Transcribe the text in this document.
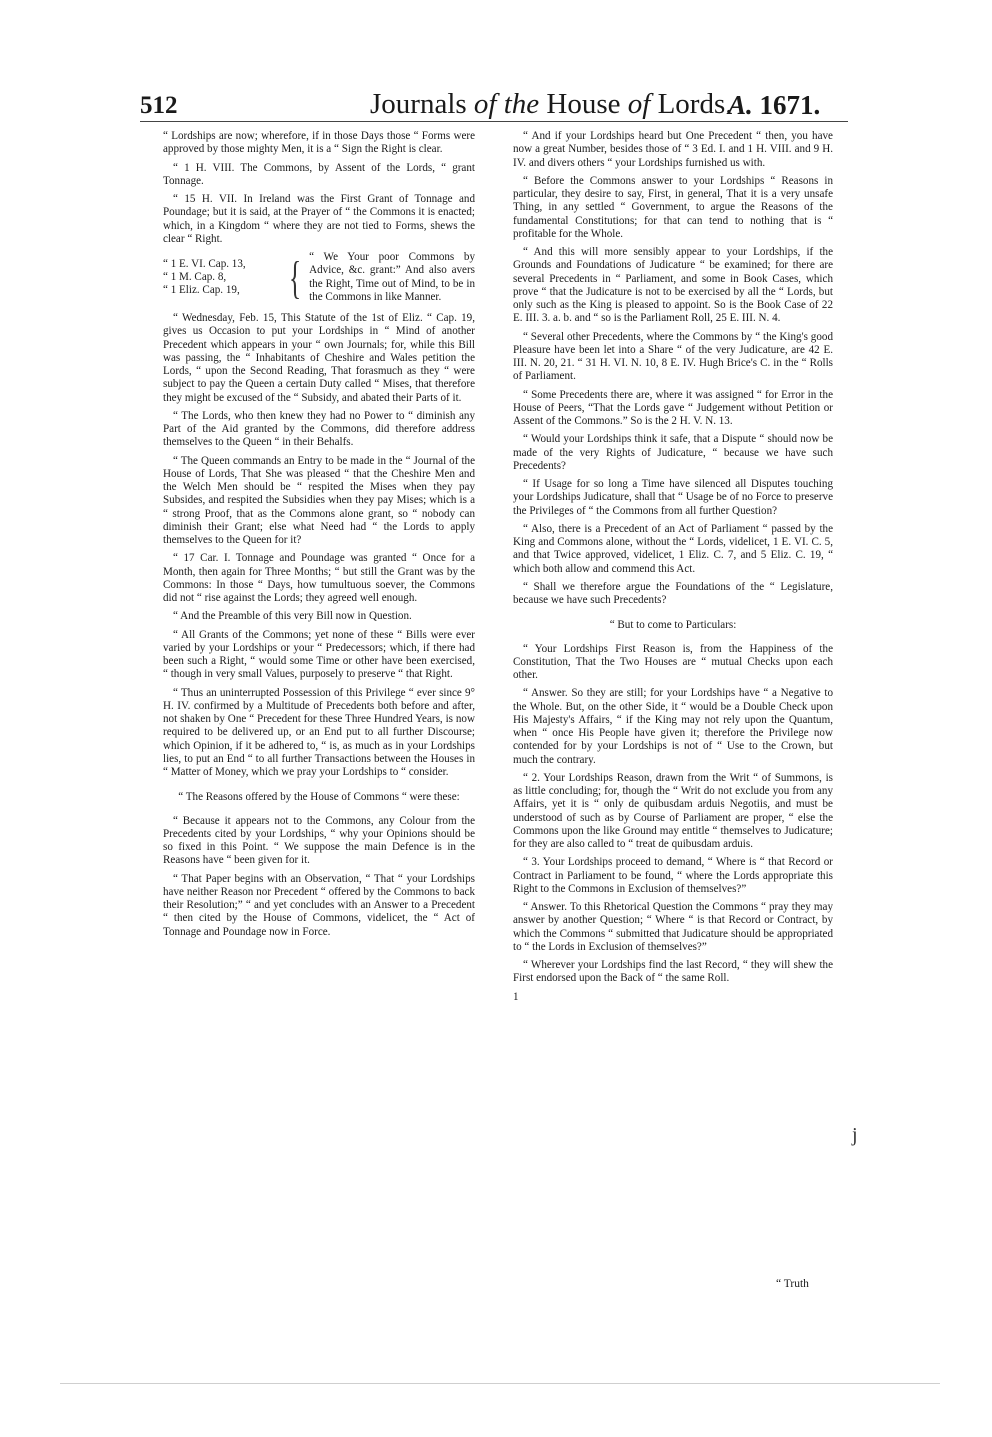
512	Journals of the House of Lords.
A. 1671.

“ Lordships are now; wherefore, if in those Days those “ Forms were approved by those mighty Men, it is a “ Sign the Right is clear.

“ 1 H. VIII. The Commons, by Assent of the Lords, “ grant Tonnage.

“ 15 H. VII. In Ireland was the First Grant of Tonnage and Poundage; but it is said, at the Prayer of “ the Commons it is enacted; which, in a Kingdom “ where they are not tied to Forms, shews the clear “ Right.

“ 1 E. VI. Cap. 13,
“ 1 M. Cap. 8,
“ 1 Eliz. Cap. 19,	{ “ We Your poor Commons by Advice, &c. grant:” And also avers the Right, Time out of Mind, to be in the Commons in like Manner.

“ Wednesday, Feb. 15, This Statute of the 1st of Eliz. “ Cap. 19, gives us Occasion to put your Lordships in “ Mind of another Precedent which appears in your “ own Journals; for, while this Bill was passing, the “ Inhabitants of Cheshire and Wales petition the Lords, “ upon the Second Reading, That forasmuch as they “ were subject to pay the Queen a certain Duty called “ Mises, that therefore they might be excused of the “ Subsidy, and abated their Parts of it.

“ The Lords, who then knew they had no Power to “ diminish any Part of the Aid granted by the Commons, did therefore address themselves to the Queen “ in their Behalfs.

“ The Queen commands an Entry to be made in the “ Journal of the House of Lords, That She was pleased “ that the Cheshire Men and the Welch Men should be “ respited the Mises when they pay Subsides, and respited the Subsidies when they pay Mises; which is a “ strong Proof, that as the Commons alone grant, so “ nobody can diminish their Grant; else what Need had “ the Lords to apply themselves to the Queen for it?

“ 17 Car. I. Tonnage and Poundage was granted “ Once for a Month, then again for Three Months; “ but still the Grant was by the Commons: In those “ Days, how tumultuous soever, the Commons did not “ rise against the Lords; they agreed well enough.

“ And the Preamble of this very Bill now in Question.

“ All Grants of the Commons; yet none of these “ Bills were ever varied by your Lordships or your “ Predecessors; which, if there had been such a Right, “ would some Time or other have been exercised, “ though in very small Values, purposely to preserve “ that Right.

“ Thus an uninterrupted Possession of this Privilege “ ever since 9° H. IV. confirmed by a Multitude of Precedents both before and after, not shaken by One “ Precedent for these Three Hundred Years, is now required to be delivered up, or an End put to all further Discourse; which Opinion, if it be adhered to, “ is, as much as in your Lordships lies, to put an End “ to all further Transactions between the Houses in “ Matter of Money, which we pray your Lordships to “ consider.

“ The Reasons offered by the House of Commons “ were these:

“ Because it appears not to the Commons, any Colour from the Precedents cited by your Lordships, “ why your Opinions should be so fixed in this Point. “ We suppose the main Defence is in the Reasons have “ been given for it.

“ That Paper begins with an Observation, “ That “ your Lordships have neither Reason nor Precedent “ offered by the Commons to back their Resolution;” “ and yet concludes with an Answer to a Precedent “ then cited by the House of Commons, videlicet, the “ Act of Tonnage and Poundage now in Force.

“ And if your Lordships heard but One Precedent “ then, you have now a great Number, besides those of “ 3 Ed. I. and 1 H. VIII. and 9 H. IV. and divers others “ your Lordships furnished us with.

“ Before the Commons answer to your Lordships “ Reasons in particular, they desire to say, First, in general, That it is a very unsafe Thing, in any settled “ Government, to argue the Reasons of the fundamental Constitutions; for that can tend to nothing that is “ profitable for the Whole.

“ And this will more sensibly appear to your Lordships, if the Grounds and Foundations of Judicature “ be examined; for there are several Precedents in “ Parliament, and some in Book Cases, which prove “ that the Judicature is not to be exercised by all the “ Lords, but only such as the King is pleased to appoint. So is the Book Case of 22 E. III. 3. a. b. and “ so is the Parliament Roll, 25 E. III. N. 4.

“ Several other Precedents, where the Commons by “ the King's good Pleasure have been let into a Share “ of the very Judicature, are 42 E. III. N. 20, 21. “ 31 H. VI. N. 10, 8 E. IV. Hugh Brice's C. in the “ Rolls of Parliament.

“ Some Precedents there are, where it was assigned “ for Error in the House of Peers, “That the Lords gave “ Judgement without Petition or Assent of the Commons.” So is the 2 H. V. N. 13.

“ Would your Lordships think it safe, that a Dispute “ should now be made of the very Rights of Judicature, “ because we have such Precedents?

“ If Usage for so long a Time have silenced all Disputes touching your Lordships Judicature, shall that “ Usage be of no Force to preserve the Privileges of “ the Commons from all further Question?

“ Also, there is a Precedent of an Act of Parliament “ passed by the King and Commons alone, without the “ Lords, videlicet, 1 E. VI. C. 5, and that Twice approved, videlicet, 1 Eliz. C. 7, and 5 Eliz. C. 19, “ which both allow and commend this Act.

“ Shall we therefore argue the Foundations of the “ Legislature, because we have such Precedents?

“ But to come to Particulars:

“ Your Lordships First Reason is, from the Happiness of the Constitution, That the Two Houses are “ mutual Checks upon each other.

“ Answer. So they are still; for your Lordships have “ a Negative to the Whole. But, on the other Side, it “ would be a Double Check upon His Majesty's Affairs, “ if the King may not rely upon the Quantum, when “ once His People have given it; therefore the Privilege now contended for by your Lordships is not of “ Use to the Crown, but much the contrary.

“ 2. Your Lordships Reason, drawn from the Writ “ of Summons, is as little concluding; for, though the “ Writ do not exclude you from any Affairs, yet it is “ only de quibusdam arduis Negotiis, and must be understood of such as by Course of Parliament are proper, “ else the Commons upon the like Ground may entitle “ themselves to Judicature; for they are also called to “ treat de quibusdam arduis.

“ 3. Your Lordships proceed to demand, “ Where is “ that Record or Contract in Parliament to be found, “ where the Lords appropriate this Right to the Commons in Exclusion of themselves?”

“ Answer. To this Rhetorical Question the Commons “ pray they may answer by another Question; “ Where “ is that Record or Contract, by which the Commons “ submitted that Judicature should be appropriated to “ the Lords in Exclusion of themselves?”

“ Wherever your Lordships find the last Record, “ they will shew the First endorsed upon the Back of “ the same Roll.

1

“ Truth
j
